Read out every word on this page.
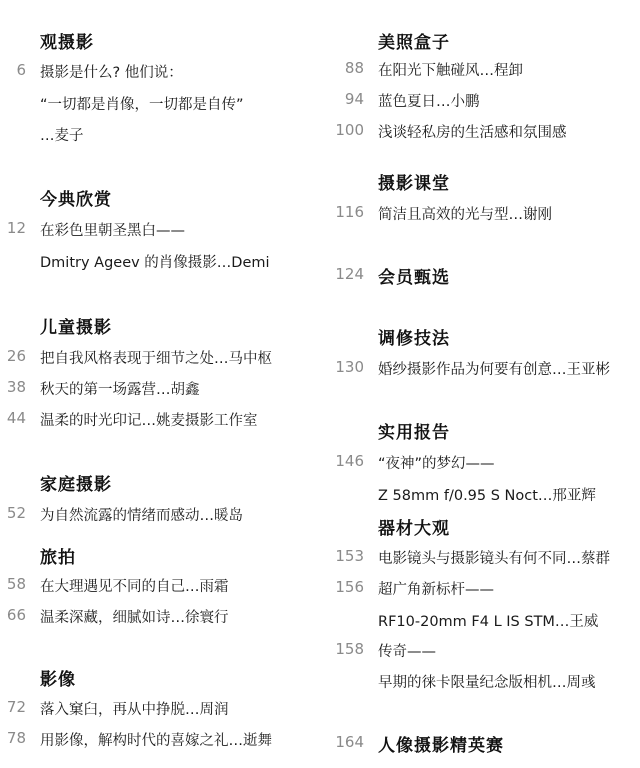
观摄影
6 摄影是什么? 他们说：
“一切都是肖像，一切都是自传”
…麦子
今典欣赏
12 在彩色里朝圣黑白——
Dmitry Ageev 的肖像摄影…Demi
儿童摄影
26 把自我风格表现于细节之处…马中枢
38 秋天的第一场露营…胡鑫
44 温柔的时光印记…姚麦摄影工作室
家庭摄影
52 为自然流露的情绪而感动…暖岛
旅拍
58 在大理遇见不同的自己…雨霜
66 温柔深藏，细腻如诗…徐寰行
影像
72 落入窠臼，再从中挣脱…周润
78 用影像，解构时代的喜嫁之礼…逝舞
美照盒子
88 在阳光下触碰风…程卸
94 蓝色夏日…小鹏
100 浅谈轻私房的生活感和氛围感
摄影课堂
116 简洁且高效的光与型…谢刚
124 会员甄选
调修技法
130 婚纱摄影作品为何要有创意…王亚彬
实用报告
146 “夜神”的梦幻——
Z 58mm f/0.95 S Noct…邢亚辉
器材大观
153 电影镜头与摄影镜头有何不同…蔡群
156 超广角新标杆——
RF10-20mm F4 L IS STM…王威
158 传奇——
早期的徕卡限量纪念版相机…周彧
164 人像摄影精英赛
